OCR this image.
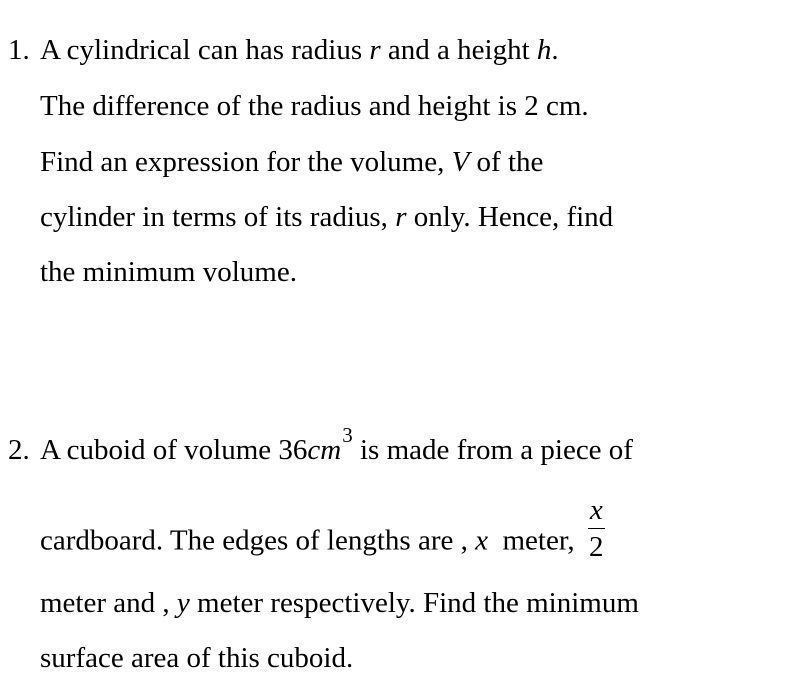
1. A cylindrical can has radius r and a height h.
The difference of the radius and height is 2 cm.
Find an expression for the volume, V of the
cylinder in terms of its radius, r only. Hence, find
the minimum volume.
2. A cuboid of volume $36cm^3$ is made from a piece of
cardboard. The edges of lengths are , x  meter, $\frac{x}{2}$
meter and , y meter respectively. Find the minimum
surface area of this cuboid.
